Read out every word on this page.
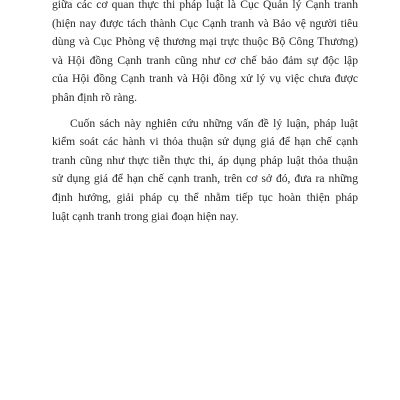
giữa các cơ quan thực thi pháp luật là Cục Quản lý Cạnh tranh
(hiện nay được tách thành Cục Cạnh tranh và Bảo vệ người tiêu
dùng và Cục Phòng vệ thương mại trực thuộc Bộ Công Thương)
và Hội đồng Cạnh tranh cũng như cơ chế bảo đảm sự độc lập
của Hội đồng Cạnh tranh và Hội đồng xử lý vụ việc chưa được
phân định rõ ràng.
Cuốn sách này nghiên cứu những vấn đề lý luận, pháp luật
kiểm soát các hành vi thỏa thuận sử dụng giá để hạn chế cạnh
tranh cũng như thực tiễn thực thi, áp dụng pháp luật thỏa thuận
sử dụng giá để hạn chế cạnh tranh, trên cơ sở đó, đưa ra những
định hướng, giải pháp cụ thể nhằm tiếp tục hoàn thiện pháp
luật cạnh tranh trong giai đoạn hiện nay.
